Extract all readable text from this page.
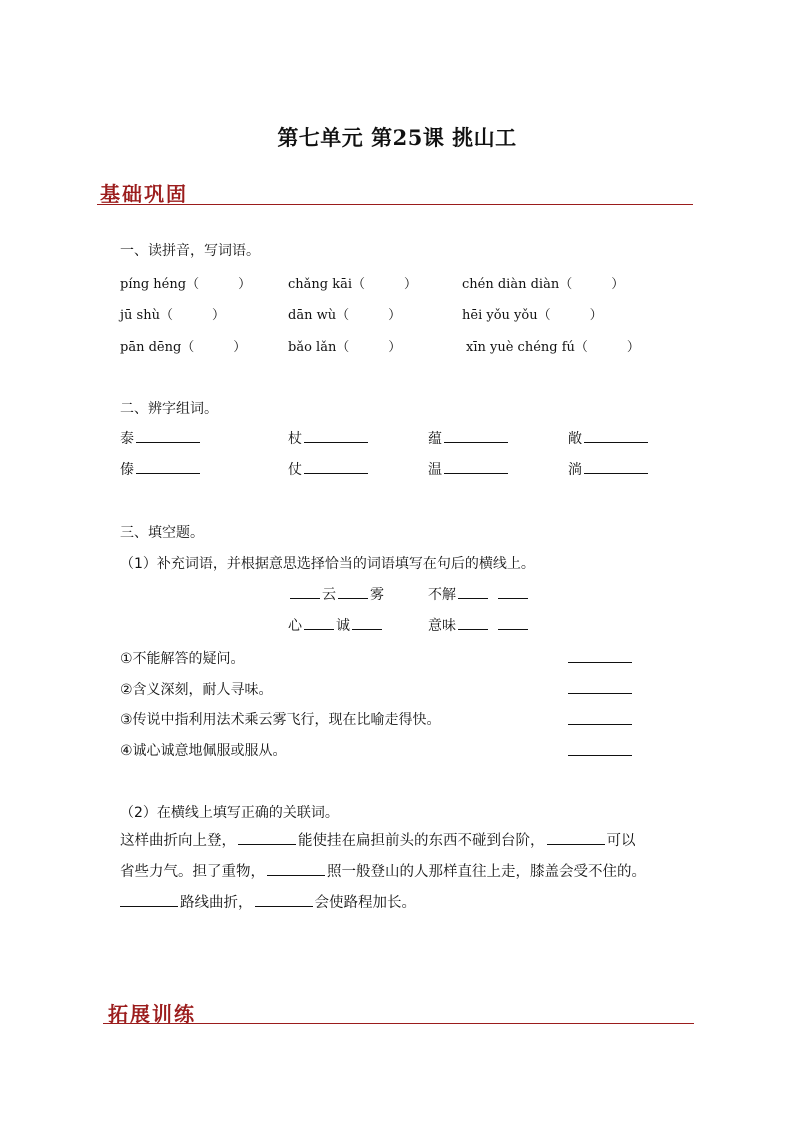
第七单元 第25课 挑山工
基础巩固
一、读拼音，写词语。
píng héng（　　　）	chǎng kāi（　　　）	chén diàn diàn（　　　）
jū shù（　　　）	dān wù（　　　）	hēi yǒu yǒu（　　　）
pān dēng（　　　）	bǎo lǎn（　　　）	xīn yuè chéng fú（　　　）
二、辨字组词。
泰	杖	蕴	敞
傣	仗	温	淌
三、填空题。
（1）补充词语，并根据意思选择恰当的词语填写在句后的横线上。
云 雾	不解
心 诚	意味
①不能解答的疑问。
②含义深刻，耐人寻味。
③传说中指利用法术乘云雾飞行，现在比喻走得快。
④诚心诚意地佩服或服从。
（2）在横线上填写正确的关联词。
这样曲折向上登，	能使挂在扁担前头的东西不碰到台阶，	可以
省些力气。担了重物，	照一般登山的人那样直往上走，膝盖会受不住的。
路线曲折，	会使路程加长。
拓展训练
